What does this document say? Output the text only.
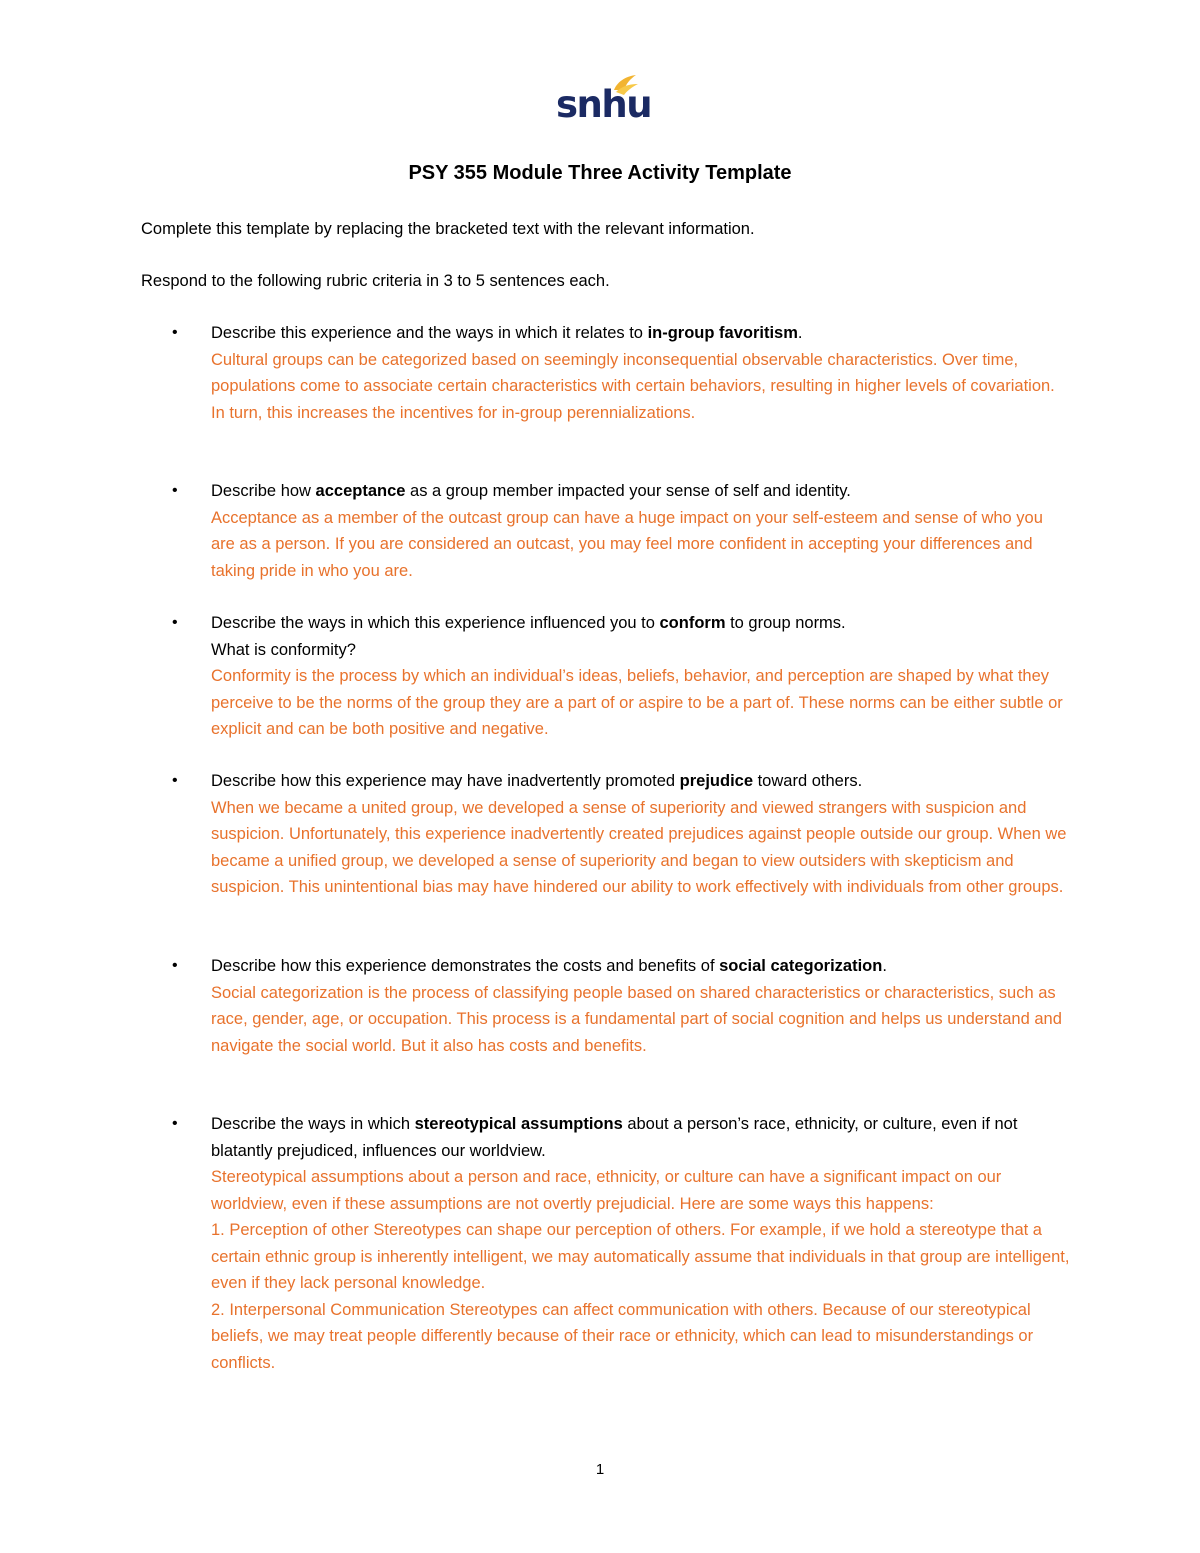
snhu
PSY 355 Module Three Activity Template
Complete this template by replacing the bracketed text with the relevant information.
Respond to the following rubric criteria in 3 to 5 sentences each.
• Describe this experience and the ways in which it relates to in-group favoritism.
Cultural groups can be categorized based on seemingly inconsequential observable characteristics. Over time, populations come to associate certain characteristics with certain behaviors, resulting in higher levels of covariation. In turn, this increases the incentives for in-group perennializations.
• Describe how acceptance as a group member impacted your sense of self and identity.
Acceptance as a member of the outcast group can have a huge impact on your self-esteem and sense of who you are as a person. If you are considered an outcast, you may feel more confident in accepting your differences and taking pride in who you are.
• Describe the ways in which this experience influenced you to conform to group norms.
What is conformity?
Conformity is the process by which an individual’s ideas, beliefs, behavior, and perception are shaped by what they perceive to be the norms of the group they are a part of or aspire to be a part of. These norms can be either subtle or explicit and can be both positive and negative.
• Describe how this experience may have inadvertently promoted prejudice toward others.
When we became a united group, we developed a sense of superiority and viewed strangers with suspicion and suspicion. Unfortunately, this experience inadvertently created prejudices against people outside our group. When we became a unified group, we developed a sense of superiority and began to view outsiders with skepticism and suspicion. This unintentional bias may have hindered our ability to work effectively with individuals from other groups.
• Describe how this experience demonstrates the costs and benefits of social categorization.
Social categorization is the process of classifying people based on shared characteristics or characteristics, such as race, gender, age, or occupation. This process is a fundamental part of social cognition and helps us understand and navigate the social world. But it also has costs and benefits.
• Describe the ways in which stereotypical assumptions about a person’s race, ethnicity, or culture, even if not blatantly prejudiced, influences our worldview.
Stereotypical assumptions about a person and race, ethnicity, or culture can have a significant impact on our worldview, even if these assumptions are not overtly prejudicial. Here are some ways this happens:
1. Perception of other Stereotypes can shape our perception of others. For example, if we hold a stereotype that a certain ethnic group is inherently intelligent, we may automatically assume that individuals in that group are intelligent, even if they lack personal knowledge.
2. Interpersonal Communication Stereotypes can affect communication with others. Because of our stereotypical beliefs, we may treat people differently because of their race or ethnicity, which can lead to misunderstandings or conflicts.
1
